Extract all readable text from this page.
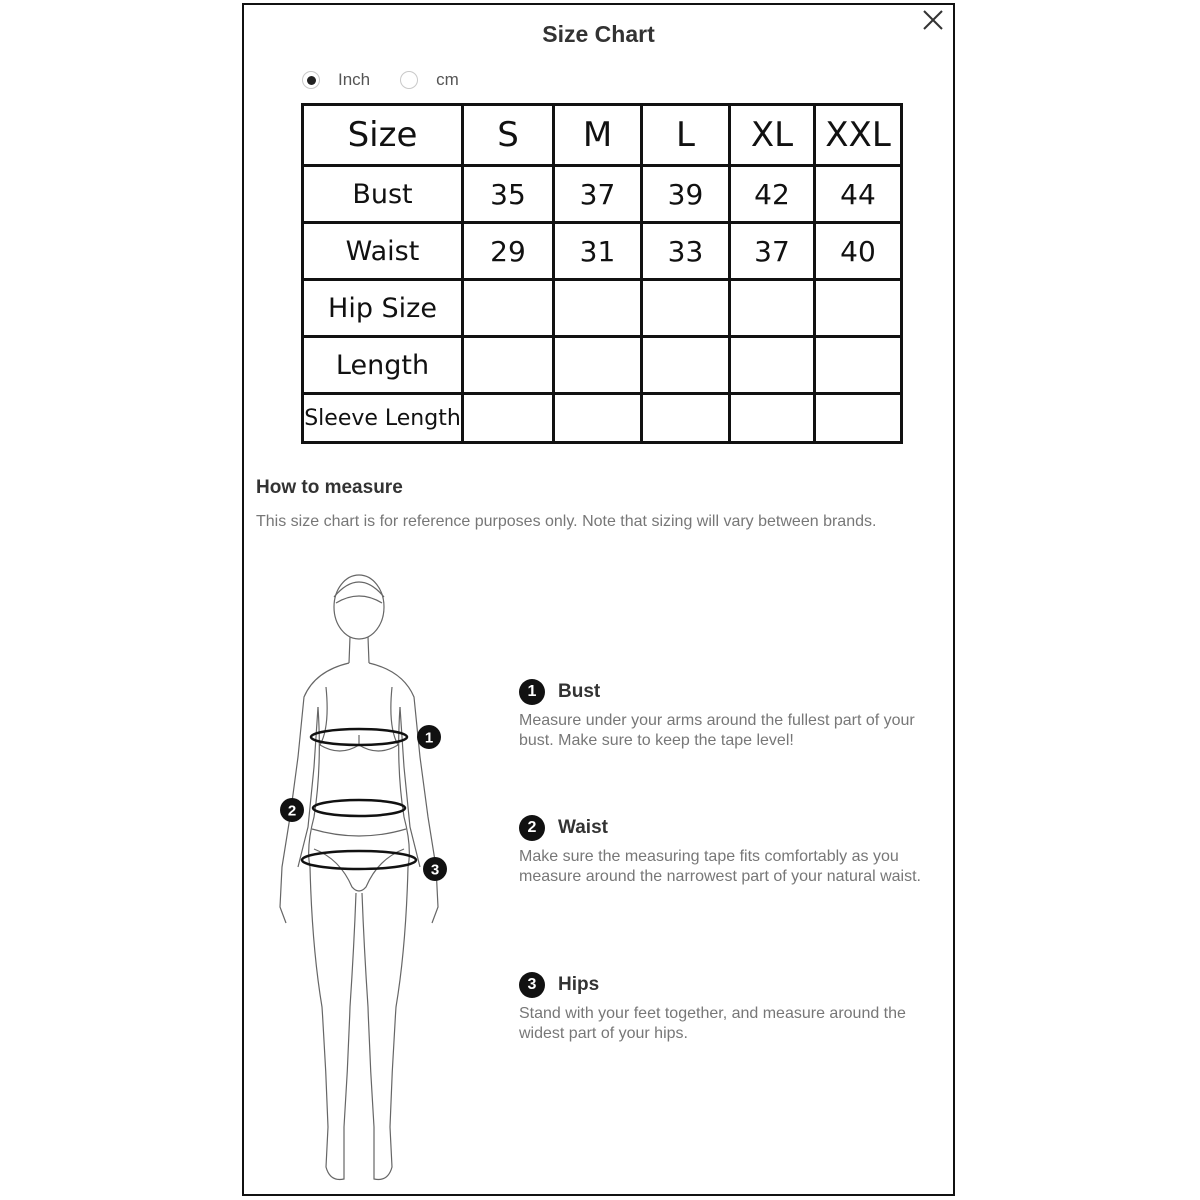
Size Chart
Inch	cm
Size	S	M	L	XL	XXL
Bust	35	37	39	42	44
Waist	29	31	33	37	40
Hip Size					
Length					
Sleeve Length					
How to measure
This size chart is for reference purposes only. Note that sizing will vary between brands.
1
2
3
1	Bust
Measure under your arms around the fullest part of your bust. Make sure to keep the tape level!
2	Waist
Make sure the measuring tape fits comfortably as you measure around the narrowest part of your natural waist.
3	Hips
Stand with your feet together, and measure around the widest part of your hips.
